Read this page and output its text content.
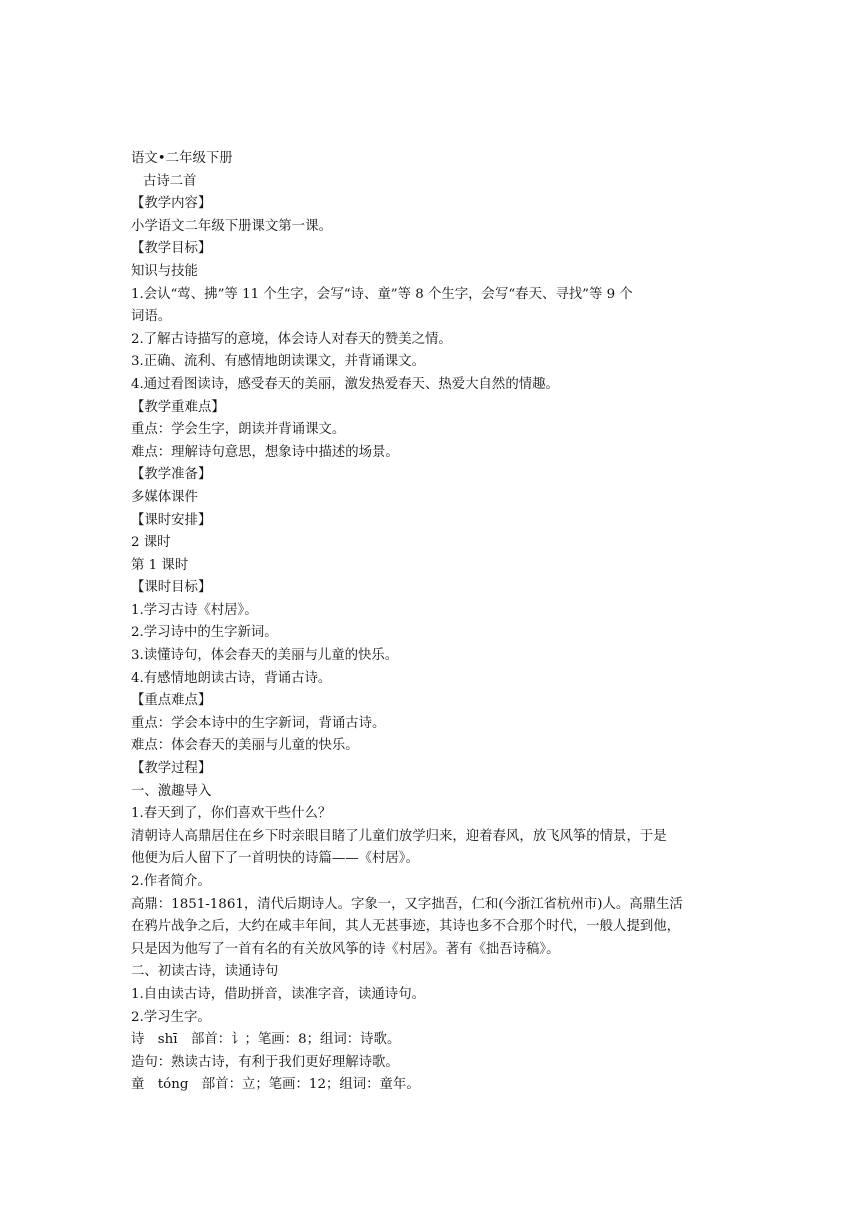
语文•二年级下册
古诗二首
【教学内容】
小学语文二年级下册课文第一课。
【教学目标】
知识与技能
1.会认“莺、拂”等 11 个生字，会写“诗、童”等 8 个生字，会写“春天、寻找”等 9 个
词语。
2.了解古诗描写的意境，体会诗人对春天的赞美之情。
3.正确、流利、有感情地朗读课文，并背诵课文。
4.通过看图读诗，感受春天的美丽，激发热爱春天、热爱大自然的情趣。
【教学重难点】
重点：学会生字，朗读并背诵课文。
难点：理解诗句意思，想象诗中描述的场景。
【教学准备】
多媒体课件
【课时安排】
2 课时
第 1 课时
【课时目标】
1.学习古诗《村居》。
2.学习诗中的生字新词。
3.读懂诗句，体会春天的美丽与儿童的快乐。
4.有感情地朗读古诗，背诵古诗。
【重点难点】
重点：学会本诗中的生字新词，背诵古诗。
难点：体会春天的美丽与儿童的快乐。
【教学过程】
一、激趣导入
1.春天到了，你们喜欢干些什么？
清朝诗人高鼎居住在乡下时亲眼目睹了儿童们放学归来，迎着春风，放飞风筝的情景，于是
他便为后人留下了一首明快的诗篇——《村居》。
2.作者简介。
高鼎：1851-1861，清代后期诗人。字象一，又字拙吾，仁和(今浙江省杭州市)人。高鼎生活
在鸦片战争之后，大约在咸丰年间，其人无甚事迹，其诗也多不合那个时代，一般人提到他，
只是因为他写了一首有名的有关放风筝的诗《村居》。著有《拙吾诗稿》。
二、初读古诗，读通诗句
1.自由读古诗，借助拼音，读准字音，读通诗句。
2.学习生字。
诗　shī　部首：讠；笔画：8；组词：诗歌。
造句：熟读古诗，有利于我们更好理解诗歌。
童　tóng　部首：立；笔画：12；组词：童年。
